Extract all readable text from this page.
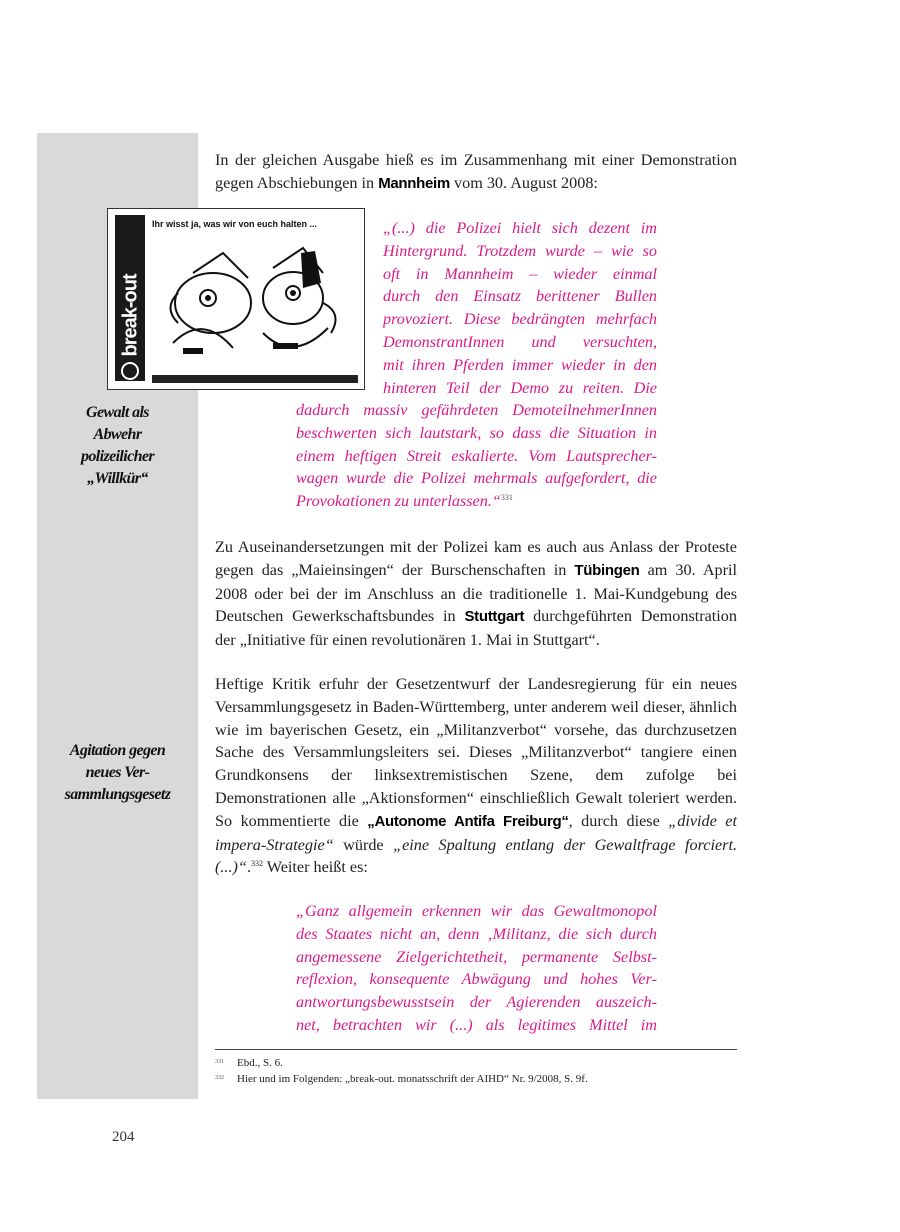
Gewalt als
Abwehr
polizeilicher
„Willkür“
Agitation gegen
neues Ver-
sammlungsgesetz
In der gleichen Ausgabe hieß es im Zusammenhang mit einer Demonstration gegen Abschiebungen in Mannheim vom 30. August 2008:
break-out
Ihr wisst ja, was wir von euch halten ...	„(...) die Polizei hielt sich dezent im
Hintergrund. Trotzdem wurde – wie so
oft in Mannheim – wieder einmal
durch den Einsatz berittener Bullen
provoziert. Diese bedrängten mehrfach
DemonstrantInnen und versuchten,
mit ihren Pferden immer wieder in den
hinteren Teil der Demo zu reiten. Die
dadurch massiv gefährdeten DemoteilnehmerInnen
beschwerten sich lautstark, so dass die Situation in
einem heftigen Streit eskalierte. Vom Lautsprecher-
wagen wurde die Polizei mehrmals aufgefordert, die
Provokationen zu unterlassen.“$^{331}$
Zu Auseinandersetzungen mit der Polizei kam es auch aus Anlass der Proteste gegen das „Maieinsingen“ der Burschenschaften in Tübingen am 30. April 2008 oder bei der im Anschluss an die traditionelle 1. Mai-Kundgebung des Deutschen Gewerkschaftsbundes in Stuttgart durchgeführten Demonstration der „Initiative für einen revolutionären 1. Mai in Stuttgart“.
Heftige Kritik erfuhr der Gesetzentwurf der Landesregierung für ein neues Versammlungsgesetz in Baden-Württemberg, unter anderem weil dieser, ähnlich wie im bayerischen Gesetz, ein „Militanzverbot“ vorsehe, das durchzusetzen Sache des Versammlungsleiters sei. Dieses „Militanzverbot“ tangiere einen Grundkonsens der linksextremistischen Szene, dem zufolge bei Demonstrationen alle „Aktionsformen“ einschließlich Gewalt toleriert werden. So kommentierte die „Autonome Antifa Freiburg“, durch diese „divide et impera-Strategie“ würde „eine Spaltung entlang der Gewaltfrage forciert. (...)“.$^{332}$ Weiter heißt es:
„Ganz allgemein erkennen wir das Gewaltmonopol
des Staates nicht an, denn ‚Militanz, die sich durch
angemessene Zielgerichtetheit, permanente Selbst-
reflexion, konsequente Abwägung und hohes Ver-
antwortungsbewusstsein der Agierenden auszeich-
net, betrachten wir (...) als legitimes Mittel im
331 Ebd., S. 6.
332 Hier und im Folgenden: „break-out. monatsschrift der AIHD“ Nr. 9/2008, S. 9f.
204
